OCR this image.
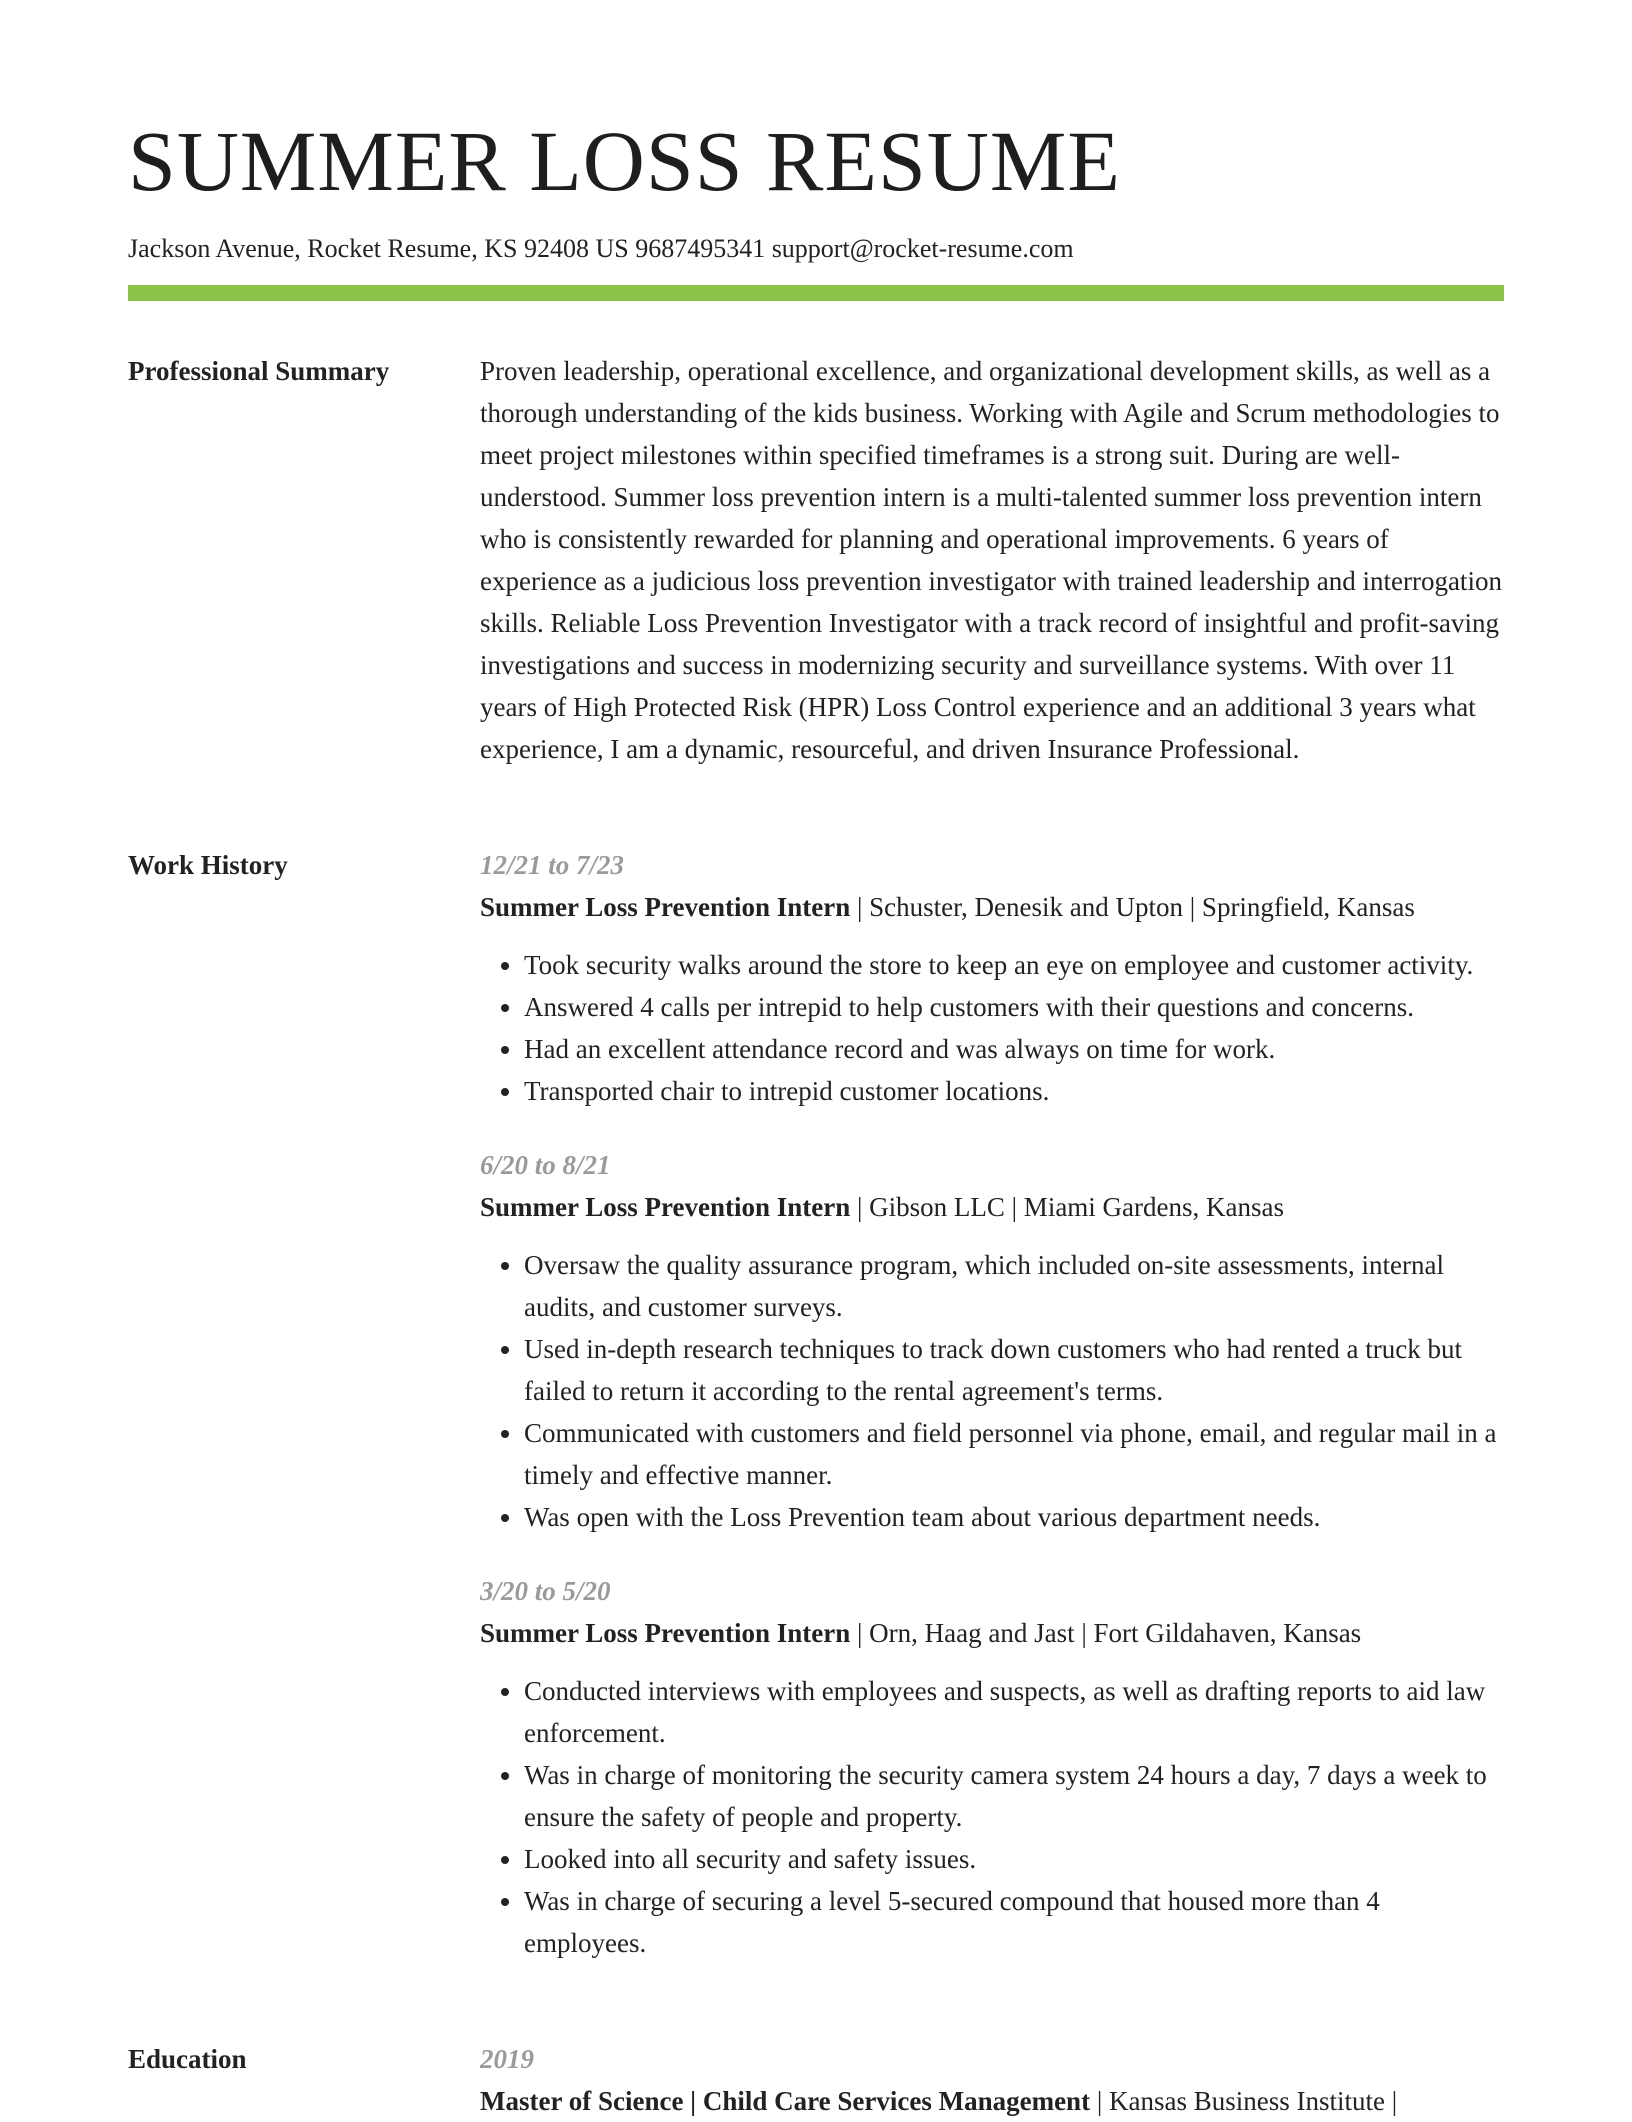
SUMMER LOSS RESUME
Jackson Avenue, Rocket Resume, KS 92408 US 9687495341 support@rocket-resume.com
Professional Summary	Proven leadership, operational excellence, and organizational development skills, as well as a thorough understanding of the kids business. Working with Agile and Scrum methodologies to meet project milestones within specified timeframes is a strong suit. During are well-understood. Summer loss prevention intern is a multi-talented summer loss prevention intern who is consistently rewarded for planning and operational improvements. 6 years of experience as a judicious loss prevention investigator with trained leadership and interrogation skills. Reliable Loss Prevention Investigator with a track record of insightful and profit-saving investigations and success in modernizing security and surveillance systems. With over 11 years of High Protected Risk (HPR) Loss Control experience and an additional 3 years what experience, I am a dynamic, resourceful, and driven Insurance Professional.

Work History	12/21 to 7/23
Summer Loss Prevention Intern | Schuster, Denesik and Upton | Springfield, Kansas
• Took security walks around the store to keep an eye on employee and customer activity.
• Answered 4 calls per intrepid to help customers with their questions and concerns.
• Had an excellent attendance record and was always on time for work.
• Transported chair to intrepid customer locations.
6/20 to 8/21
Summer Loss Prevention Intern | Gibson LLC | Miami Gardens, Kansas
• Oversaw the quality assurance program, which included on-site assessments, internal audits, and customer surveys.
• Used in-depth research techniques to track down customers who had rented a truck but failed to return it according to the rental agreement's terms.
• Communicated with customers and field personnel via phone, email, and regular mail in a timely and effective manner.
• Was open with the Loss Prevention team about various department needs.
3/20 to 5/20
Summer Loss Prevention Intern | Orn, Haag and Jast | Fort Gildahaven, Kansas
• Conducted interviews with employees and suspects, as well as drafting reports to aid law enforcement.
• Was in charge of monitoring the security camera system 24 hours a day, 7 days a week to ensure the safety of people and property.
• Looked into all security and safety issues.
• Was in charge of securing a level 5-secured compound that housed more than 4 employees.
Education	2019
Master of Science | Child Care Services Management | Kansas Business Institute |
